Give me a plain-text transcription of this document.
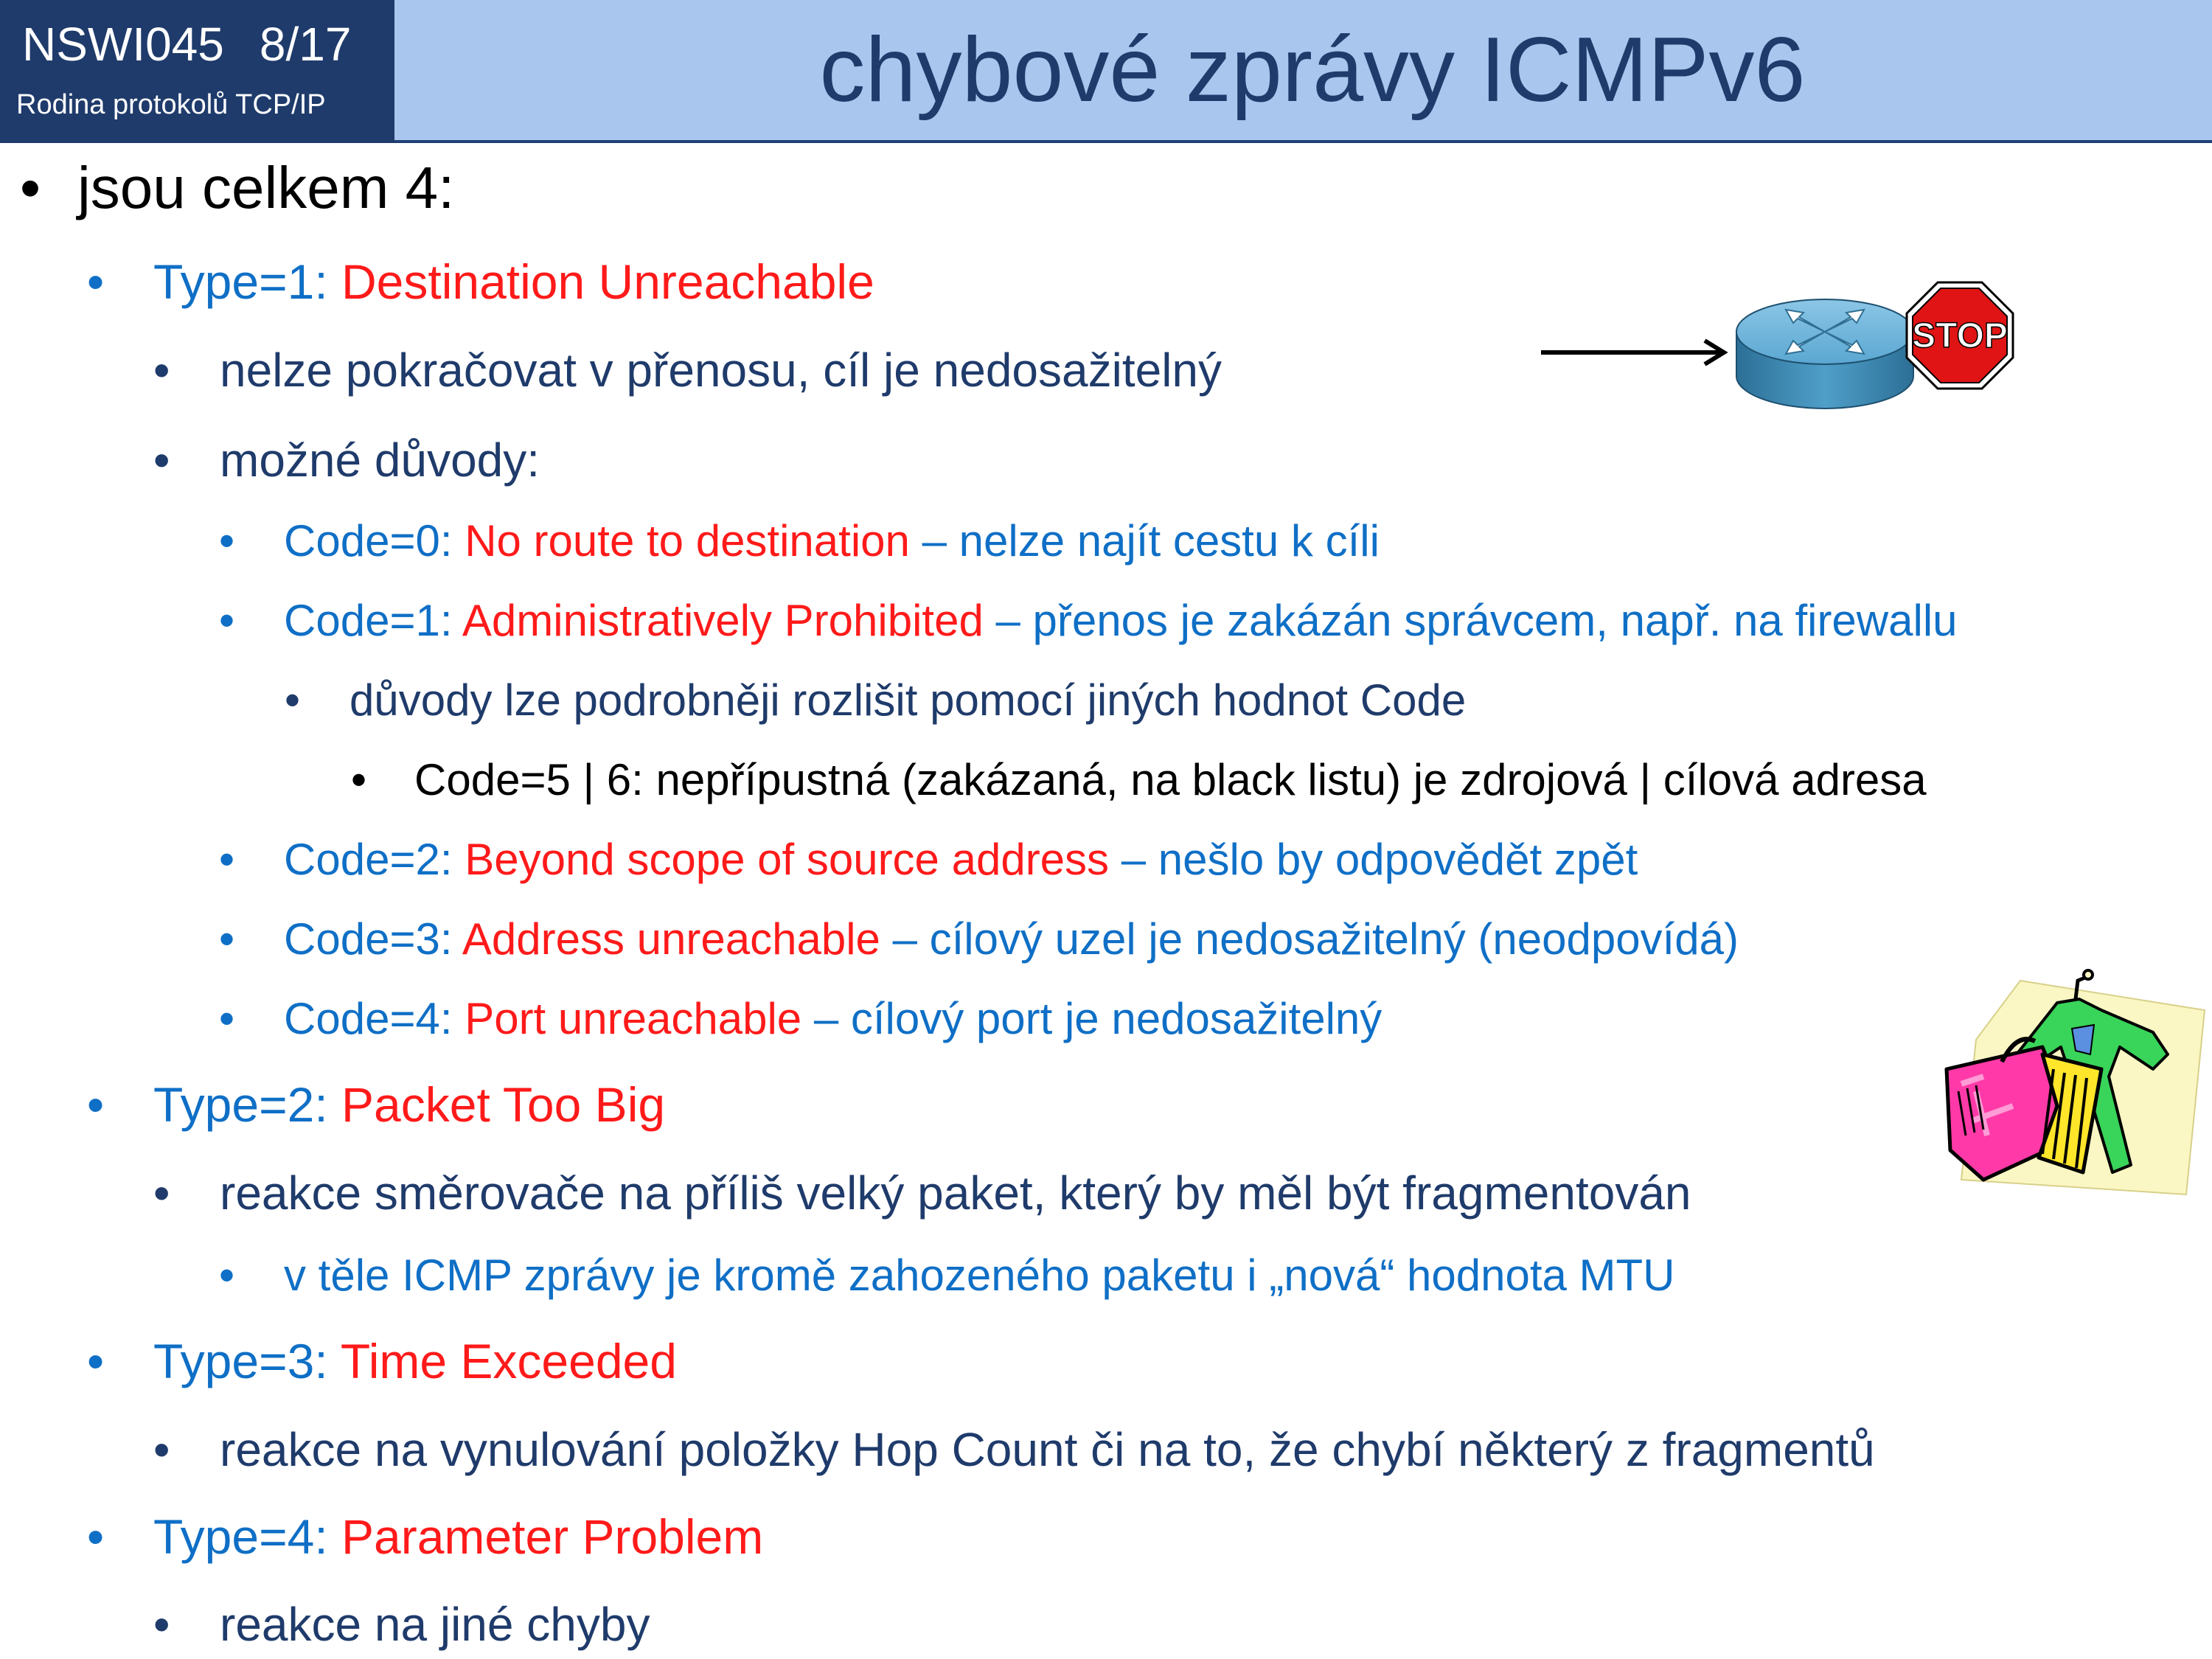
NSWI045 8/17
Rodina protokolů TCP/IP	chybové zprávy ICMPv6
• jsou celkem 4:
• Type=1: Destination Unreachable
• nelze pokračovat v přenosu, cíl je nedosažitelný
• možné důvody:
• Code=0: No route to destination – nelze najít cestu k cíli
• Code=1: Administratively Prohibited – přenos je zakázán správcem, např. na firewallu
• důvody lze podrobněji rozlišit pomocí jiných hodnot Code
• Code=5 | 6: nepřípustná (zakázaná, na black listu) je zdrojová | cílová adresa
• Code=2: Beyond scope of source address – nešlo by odpovědět zpět
• Code=3: Address unreachable – cílový uzel je nedosažitelný (neodpovídá)
• Code=4: Port unreachable – cílový port je nedosažitelný
• Type=2: Packet Too Big
• reakce směrovače na příliš velký paket, který by měl být fragmentován
• v těle ICMP zprávy je kromě zahozeného paketu i „nová“ hodnota MTU
• Type=3: Time Exceeded
• reakce na vynulování položky Hop Count či na to, že chybí některý z fragmentů
• Type=4: Parameter Problem
• reakce na jiné chyby
STOP
